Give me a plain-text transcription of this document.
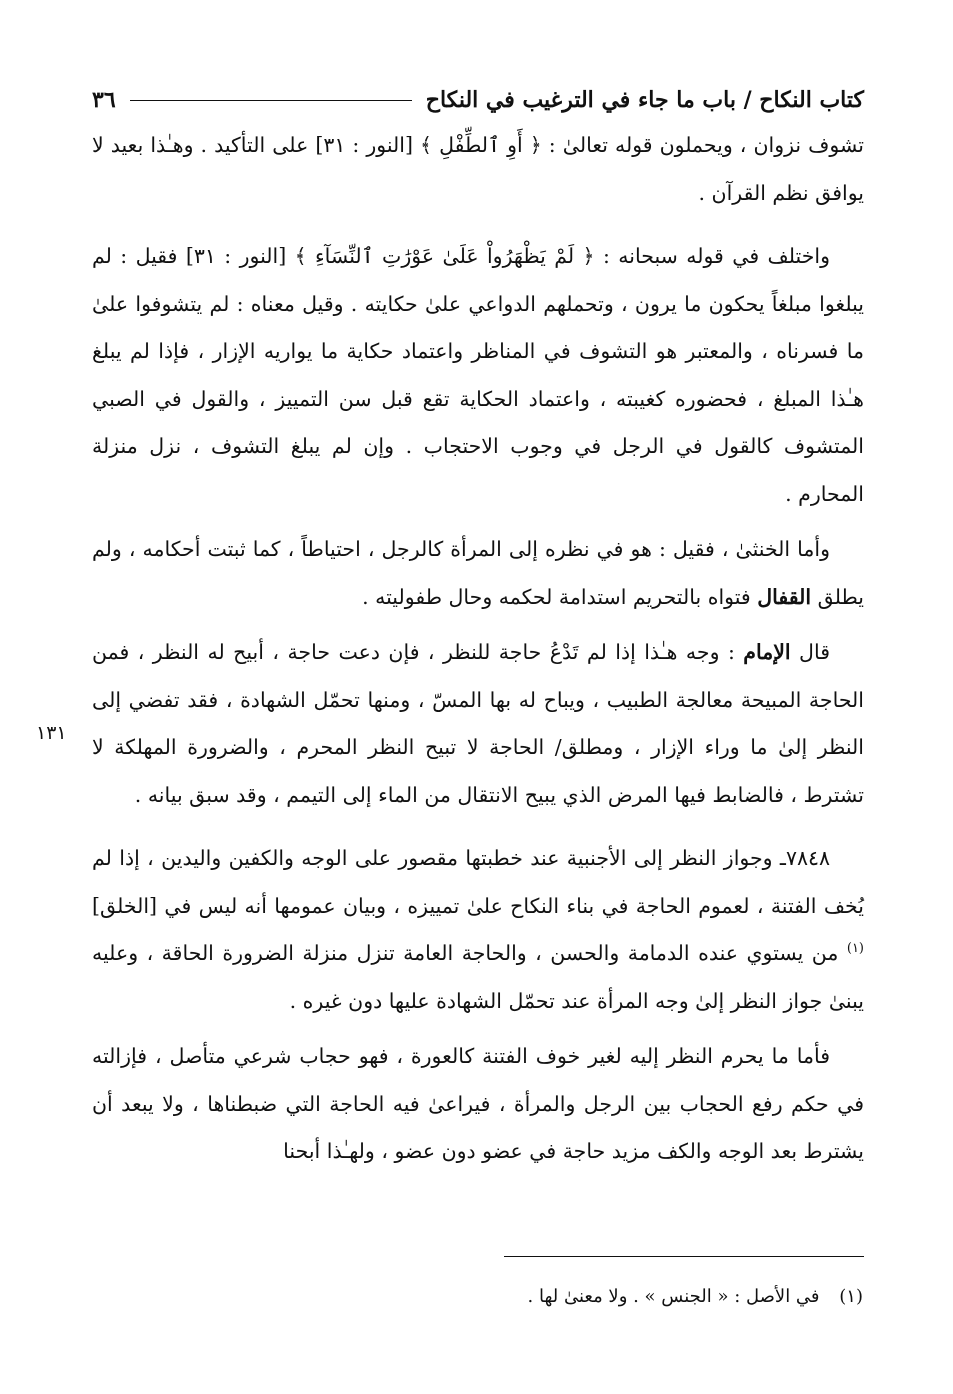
كتاب النكاح / باب ما جاء في الترغيب في النكاح
٣٦

تشوف نزوان ، ويحملون قوله تعالىٰ : ﴿ أَوِ ٱلطِّفْلِ ﴾ [النور : ٣١] على التأكيد . وهـٰذا بعيد لا يوافق نظم القرآن .

واختلف في قوله سبحانه : ﴿ لَمْ يَظْهَرُواْ عَلَىٰ عَوْرَٰتِ ٱلنِّسَآءِ ﴾ [النور : ٣١] فقيل : لم يبلغوا مبلغاً يحكون ما يرون ، وتحملهم الدواعي علىٰ حكايته . وقيل معناه : لم يتشوفوا علىٰ ما فسرناه ، والمعتبر هو التشوف في المناظر واعتماد حكاية ما يواريه الإزار ، فإذا لم يبلغ هـٰذا المبلغ ، فحضوره كغيبته ، واعتماد الحكاية تقع قبل سن التمييز ، والقول في الصبي المتشوف كالقول في الرجل في وجوب الاحتجاب . وإن لم يبلغ التشوف ، نزل منزلة المحارم .

وأما الخنثىٰ ، فقيل : هو في نظره إلى المرأة كالرجل ، احتياطاً ، كما ثبتت أحكامه ، ولم يطلق القفال فتواه بالتحريم استدامة لحكمه وحال طفوليته .

قال الإمام : وجه هـٰذا إذا لم تَدْعُ حاجة للنظر ، فإن دعت حاجة ، أبيح له النظر ، فمن الحاجة المبيحة معالجة الطبيب ، ويباح له بها المسّ ، ومنها تحمّل الشهادة ، فقد تفضي إلى النظر إلىٰ ما وراء الإزار ، ومطلق/ الحاجة لا تبيح النظر المحرم ، والضرورة المهلكة لا تشترط ، فالضابط فيها المرض الذي يبيح الانتقال من الماء إلى التيمم ، وقد سبق بيانه .

٧٨٤٨ـ وجواز النظر إلى الأجنبية عند خطبتها مقصور على الوجه والكفين واليدين ، إذا لم يُخف الفتنة ، لعموم الحاجة في بناء النكاح علىٰ تمييزه ، وبيان عمومها أنه ليس في [الخلق]$^{(١)}$ من يستوي عنده الدمامة والحسن ، والحاجة العامة تنزل منزلة الضرورة الحاقة ، وعليه يبنىٰ جواز النظر إلىٰ وجه المرأة عند تحمّل الشهادة عليها دون غيره .

فأما ما يحرم النظر إليه لغير خوف الفتنة كالعورة ، فهو حجاب شرعي متأصل ، فإزالته في حكم رفع الحجاب بين الرجل والمرأة ، فيراعىٰ فيه الحاجة التي ضبطناها ، ولا يبعد أن يشترط بعد الوجه والكف مزيد حاجة في عضو دون عضو ، ولهـٰذا أبحنا

١٣١
(١) في الأصل : « الجنس » . ولا معنىٰ لها .
